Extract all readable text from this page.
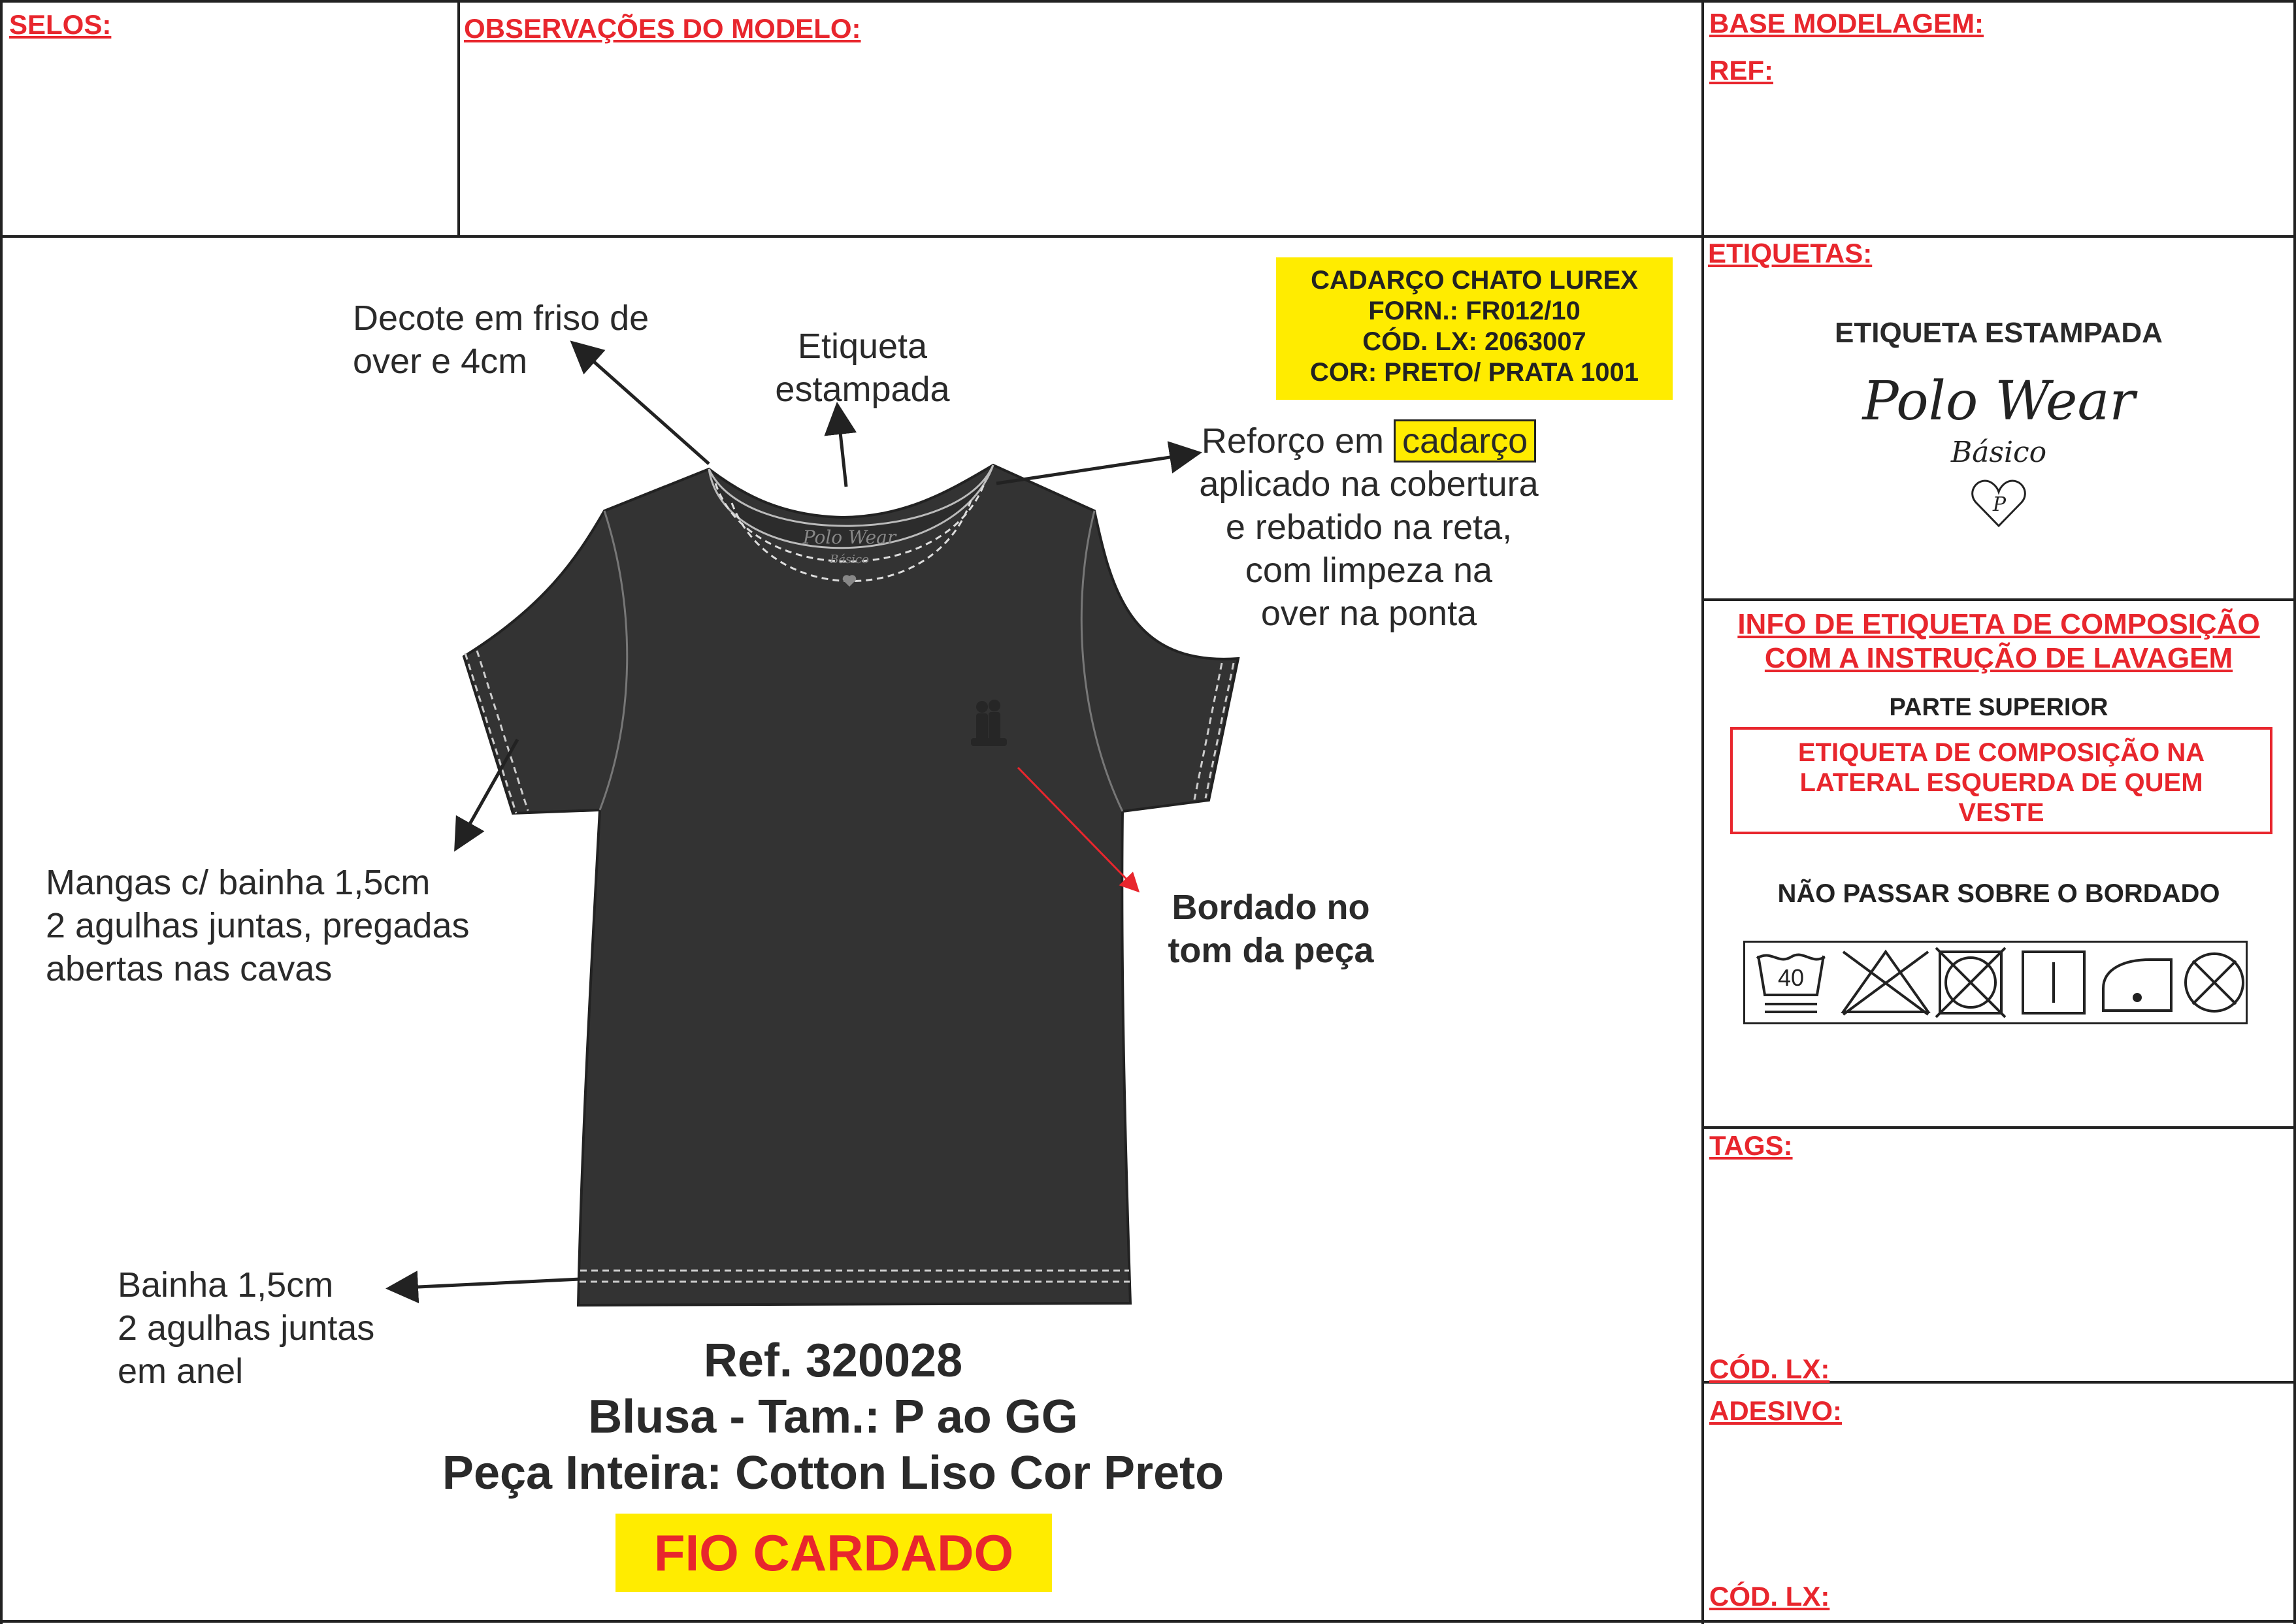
SELOS:	OBSERVAÇÕES DO MODELO:	BASE MODELAGEM:
REF:
Polo Wear
Básico
Decote em friso de
over e 4cm	Etiqueta
estampada
Reforço em cadarço
aplicado na cobertura
e rebatido na reta,
com limpeza na
over na ponta
Mangas c/ bainha 1,5cm
2 agulhas juntas, pregadas
abertas nas cavas
Bordado no
tom da peça
Bainha 1,5cm
2 agulhas juntas
em anel
CADARÇO CHATO LUREX
FORN.: FR012/10
CÓD. LX: 2063007
COR: PRETO/ PRATA 1001
Ref. 320028
Blusa - Tam.: P ao GG
Peça Inteira: Cotton Liso Cor Preto
FIO CARDADO
ETIQUETAS:
ETIQUETA ESTAMPADA
Polo Wear
Básico
P
INFO DE ETIQUETA DE COMPOSIÇÃO
COM A INSTRUÇÃO DE LAVAGEM
PARTE SUPERIOR
ETIQUETA DE COMPOSIÇÃO NA
LATERAL ESQUERDA DE QUEM
VESTE
NÃO PASSAR SOBRE O BORDADO
40
TAGS:
CÓD. LX:
ADESIVO:
CÓD. LX:
